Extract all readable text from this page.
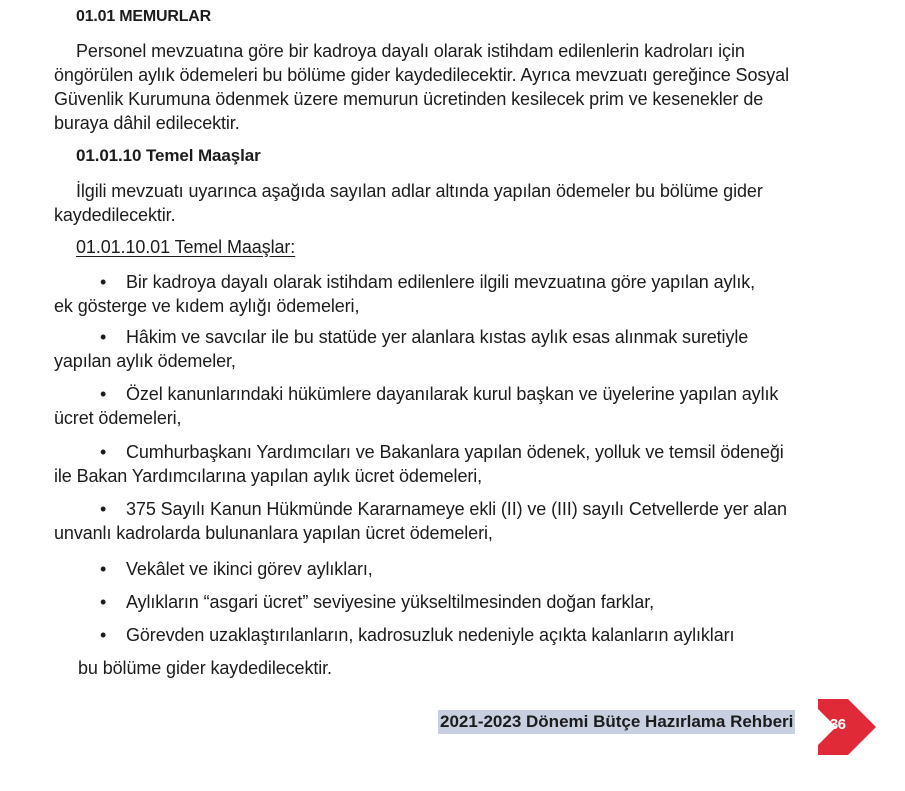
01.01 MEMURLAR
Personel mevzuatına göre bir kadroya dayalı olarak istihdam edilenlerin kadroları için
öngörülen aylık ödemeleri bu bölüme gider kaydedilecektir. Ayrıca mevzuatı gereğince Sosyal
Güvenlik Kurumuna ödenmek üzere memurun ücretinden kesilecek prim ve kesenekler de
buraya dâhil edilecektir.
01.01.10 Temel Maaşlar
İlgili mevzuatı uyarınca aşağıda sayılan adlar altında yapılan ödemeler bu bölüme gider
kaydedilecektir.
01.01.10.01 Temel Maaşlar:
• Bir kadroya dayalı olarak istihdam edilenlere ilgili mevzuatına göre yapılan aylık,
ek gösterge ve kıdem aylığı ödemeleri,
• Hâkim ve savcılar ile bu statüde yer alanlara kıstas aylık esas alınmak suretiyle
yapılan aylık ödemeler,
• Özel kanunlarındaki hükümlere dayanılarak kurul başkan ve üyelerine yapılan aylık
ücret ödemeleri,
• Cumhurbaşkanı Yardımcıları ve Bakanlara yapılan ödenek, yolluk ve temsil ödeneği
ile Bakan Yardımcılarına yapılan aylık ücret ödemeleri,
• 375 Sayılı Kanun Hükmünde Kararnameye ekli (II) ve (III) sayılı Cetvellerde yer alan
unvanlı kadrolarda bulunanlara yapılan ücret ödemeleri,
• Vekâlet ve ikinci görev aylıkları,
• Aylıkların “asgari ücret” seviyesine yükseltilmesinden doğan farklar,
• Görevden uzaklaştırılanların, kadrosuzluk nedeniyle açıkta kalanların aylıkları
bu bölüme gider kaydedilecektir.
2021-2023 Dönemi Bütçe Hazırlama Rehberi 336
